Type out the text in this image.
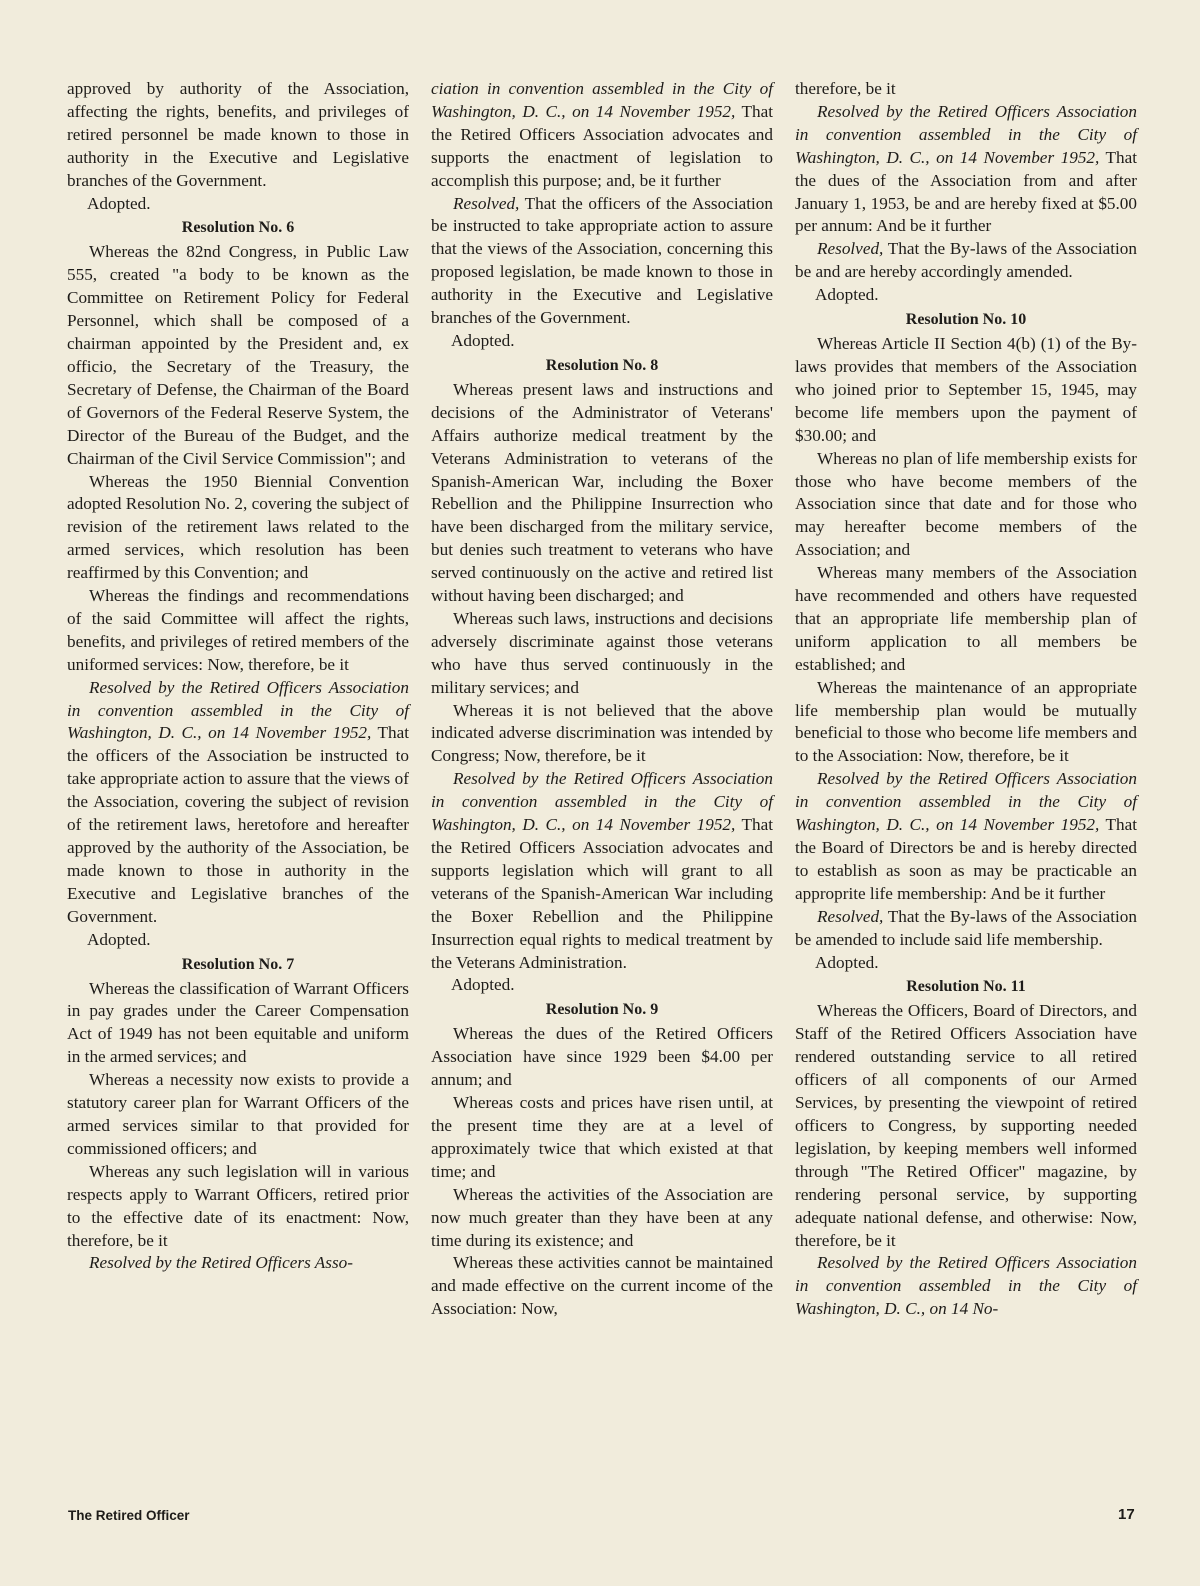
approved by authority of the Association, affecting the rights, benefits, and privileges of retired personnel be made known to those in authority in the Executive and Legislative branches of the Government.

Adopted.

Resolution No. 6

Whereas the 82nd Congress, in Public Law 555, created "a body to be known as the Committee on Retirement Policy for Federal Personnel, which shall be composed of a chairman appointed by the President and, ex officio, the Secretary of the Treasury, the Secretary of Defense, the Chairman of the Board of Governors of the Federal Reserve System, the Director of the Bureau of the Budget, and the Chairman of the Civil Service Commission"; and

Whereas the 1950 Biennial Convention adopted Resolution No. 2, covering the subject of revision of the retirement laws related to the armed services, which resolution has been reaffirmed by this Convention; and

Whereas the findings and recommendations of the said Committee will affect the rights, benefits, and privileges of retired members of the uniformed services: Now, therefore, be it

Resolved by the Retired Officers Association in convention assembled in the City of Washington, D. C., on 14 November 1952, That the officers of the Association be instructed to take appropriate action to assure that the views of the Association, covering the subject of revision of the retirement laws, heretofore and hereafter approved by the authority of the Association, be made known to those in authority in the Executive and Legislative branches of the Government.

Adopted.

Resolution No. 7

Whereas the classification of Warrant Officers in pay grades under the Career Compensation Act of 1949 has not been equitable and uniform in the armed services; and

Whereas a necessity now exists to provide a statutory career plan for Warrant Officers of the armed services similar to that provided for commissioned officers; and

Whereas any such legislation will in various respects apply to Warrant Officers, retired prior to the effective date of its enactment: Now, therefore, be it

Resolved by the Retired Officers Asso-

ciation in convention assembled in the City of Washington, D. C., on 14 November 1952, That the Retired Officers Association advocates and supports the enactment of legislation to accomplish this purpose; and, be it further

Resolved, That the officers of the Association be instructed to take appropriate action to assure that the views of the Association, concerning this proposed legislation, be made known to those in authority in the Executive and Legislative branches of the Government.

Adopted.

Resolution No. 8

Whereas present laws and instructions and decisions of the Administrator of Veterans' Affairs authorize medical treatment by the Veterans Administration to veterans of the Spanish-American War, including the Boxer Rebellion and the Philippine Insurrection who have been discharged from the military service, but denies such treatment to veterans who have served continuously on the active and retired list without having been discharged; and

Whereas such laws, instructions and decisions adversely discriminate against those veterans who have thus served continuously in the military services; and

Whereas it is not believed that the above indicated adverse discrimination was intended by Congress; Now, therefore, be it

Resolved by the Retired Officers Association in convention assembled in the City of Washington, D. C., on 14 November 1952, That the Retired Officers Association advocates and supports legislation which will grant to all veterans of the Spanish-American War including the Boxer Rebellion and the Philippine Insurrection equal rights to medical treatment by the Veterans Administration.

Adopted.

Resolution No. 9

Whereas the dues of the Retired Officers Association have since 1929 been $4.00 per annum; and

Whereas costs and prices have risen until, at the present time they are at a level of approximately twice that which existed at that time; and

Whereas the activities of the Association are now much greater than they have been at any time during its existence; and

Whereas these activities cannot be maintained and made effective on the current income of the Association: Now,

therefore, be it

Resolved by the Retired Officers Association in convention assembled in the City of Washington, D. C., on 14 November 1952, That the dues of the Association from and after January 1, 1953, be and are hereby fixed at $5.00 per annum: And be it further

Resolved, That the By-laws of the Association be and are hereby accordingly amended.

Adopted.

Resolution No. 10

Whereas Article II Section 4(b) (1) of the By-laws provides that members of the Association who joined prior to September 15, 1945, may become life members upon the payment of $30.00; and

Whereas no plan of life membership exists for those who have become members of the Association since that date and for those who may hereafter become members of the Association; and

Whereas many members of the Association have recommended and others have requested that an appropriate life membership plan of uniform application to all members be established; and

Whereas the maintenance of an appropriate life membership plan would be mutually beneficial to those who become life members and to the Association: Now, therefore, be it

Resolved by the Retired Officers Association in convention assembled in the City of Washington, D. C., on 14 November 1952, That the Board of Directors be and is hereby directed to establish as soon as may be practicable an approprite life membership: And be it further

Resolved, That the By-laws of the Association be amended to include said life membership.

Adopted.

Resolution No. 11

Whereas the Officers, Board of Directors, and Staff of the Retired Officers Association have rendered outstanding service to all retired officers of all components of our Armed Services, by presenting the viewpoint of retired officers to Congress, by supporting needed legislation, by keeping members well informed through "The Retired Officer" magazine, by rendering personal service, by supporting adequate national defense, and otherwise: Now, therefore, be it

Resolved by the Retired Officers Association in convention assembled in the City of Washington, D. C., on 14 No-

The Retired Officer	17
